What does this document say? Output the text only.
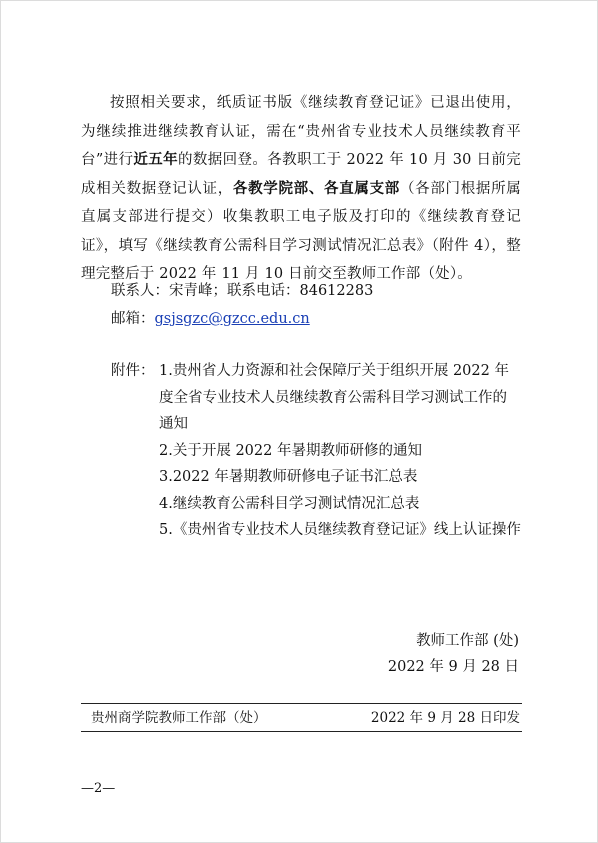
按照相关要求，纸质证书版《继续教育登记证》已退出使用，为继续推进继续教育认证，需在“贵州省专业技术人员继续教育平台”进行近五年的数据回登。各教职工于 2022 年 10 月 30 日前完成相关数据登记认证，各教学院部、各直属支部（各部门根据所属直属支部进行提交）收集教职工电子版及打印的《继续教育登记证》，填写《继续教育公需科目学习测试情况汇总表》（附件 4），整理完整后于 2022 年 11 月 10 日前交至教师工作部（处）。

联系人：宋青峰；联系电话：84612283
邮箱：gsjsgzc@gzcc.edu.cn
附件： 1.贵州省人力资源和社会保障厅关于组织开展 2022 年度全省专业技术人员继续教育公需科目学习测试工作的通知
2.关于开展 2022 年暑期教师研修的通知
3.2022 年暑期教师研修电子证书汇总表
4.继续教育公需科目学习测试情况汇总表
5.《贵州省专业技术人员继续教育登记证》线上认证操作
教师工作部 (处)
2022 年 9 月 28 日
贵州商学院教师工作部（处）	2022 年 9 月 28 日印发
—2—
